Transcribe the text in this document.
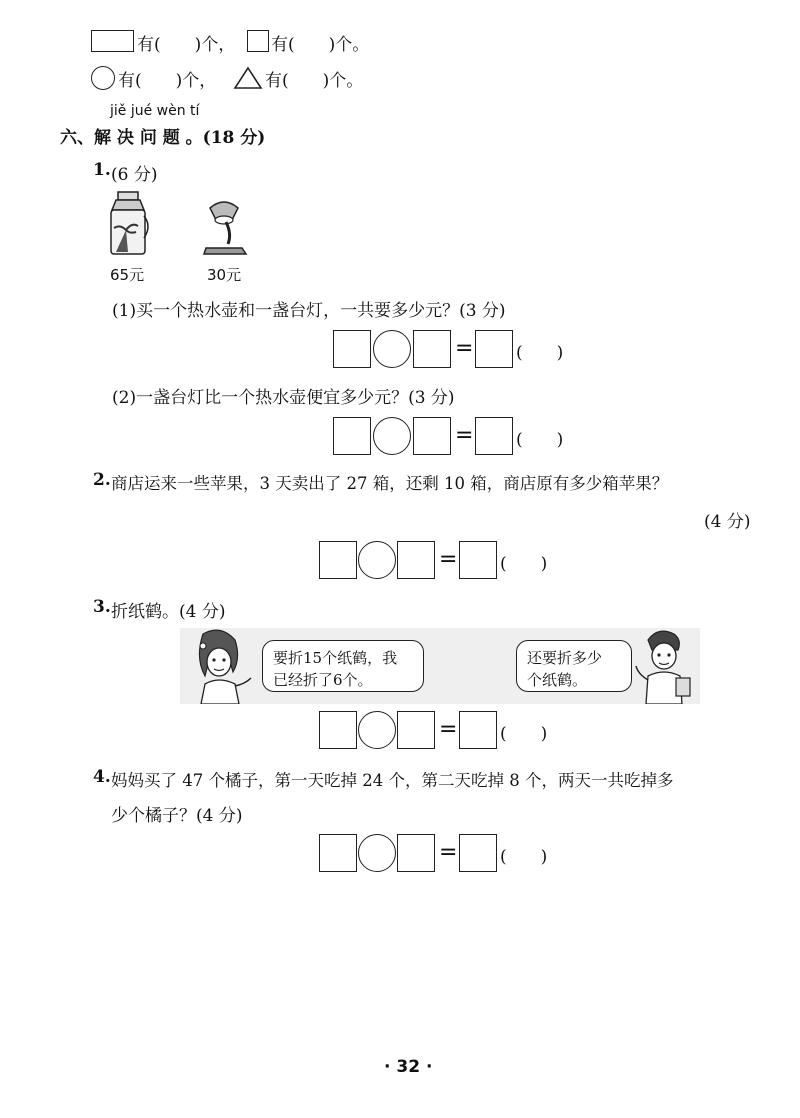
有(　　)个， 有(　　)个。
有(　　)个，	有(　　)个。
jiě jué wèn tí
六、解 决 问 题 。(18 分)
1. (6 分)
65元	30元
(1)买一个热水壶和一盏台灯，一共要多少元？(3 分)
=	(　　)
(2)一盏台灯比一个热水壶便宜多少元？(3 分)
=	(　　)
2. 商店运来一些苹果，3 天卖出了 27 箱，还剩 10 箱，商店原有多少箱苹果？
(4 分)
=	(　　)
3. 折纸鹤。(4 分)
要折15个纸鹤，我
已经折了6个。
还要折多少
个纸鹤。
=	(　　)
4. 妈妈买了 47 个橘子，第一天吃掉 24 个，第二天吃掉 8 个，两天一共吃掉多
少个橘子？(4 分)
=	(　　)
· 32 ·
